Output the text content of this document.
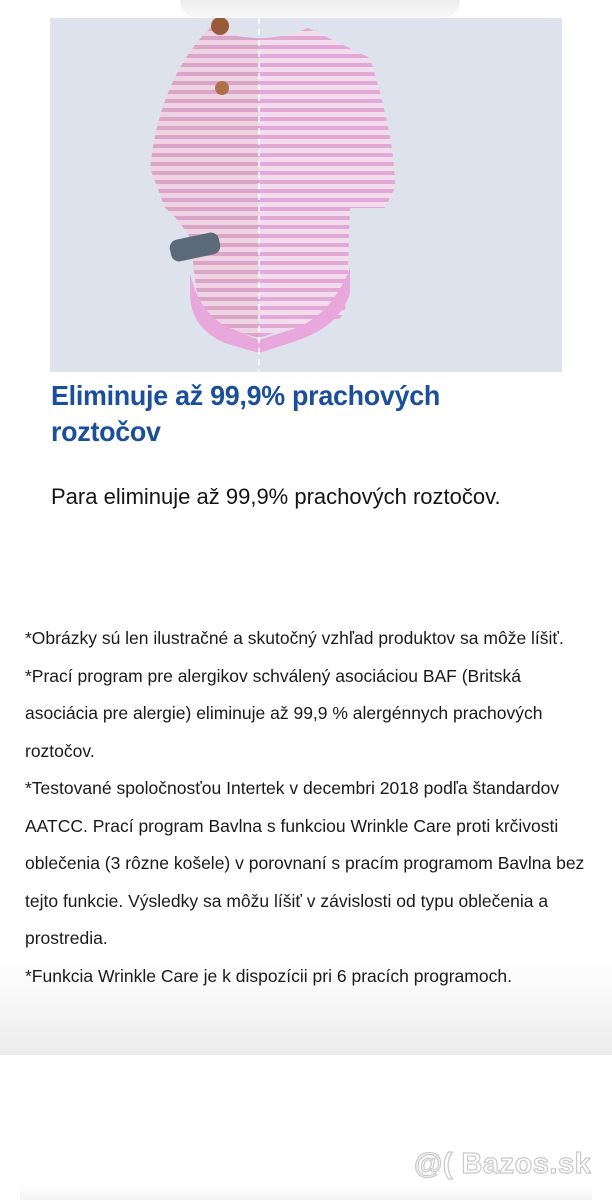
Eliminuje až 99,9% prachových roztočov

Para eliminuje až 99,9% prachových roztočov.

*Obrázky sú len ilustračné a skutočný vzhľad produktov sa môže líšiť.
*Prací program pre alergikov schválený asociáciou BAF (Britská asociácia pre alergie) eliminuje až 99,9 % alergénnych prachových roztočov.
*Testované spoločnosťou Intertek v decembri 2018 podľa štandardov AATCC. Prací program Bavlna s funkciou Wrinkle Care proti krčivosti oblečenia (3 rôzne košele) v porovnaní s pracím programom Bavlna bez tejto funkcie. Výsledky sa môžu líšiť v závislosti od typu oblečenia a prostredia.
*Funkcia Wrinkle Care je k dispozícii pri 6 pracích programoch.
@( Bazos.sk
